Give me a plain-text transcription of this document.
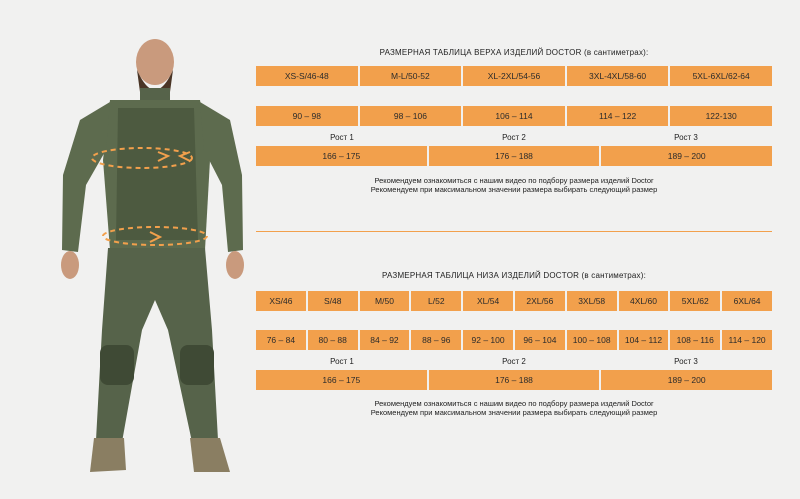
РАЗМЕРНАЯ ТАБЛИЦА ВЕРХА ИЗДЕЛИЙ DOCTOR (в сантиметрах):
XS-S/46-48	M-L/50-52	XL-2XL/54-56	3XL-4XL/58-60	5XL-6XL/62-64
90 – 98	98 – 106	106 – 114	114 – 122	122-130
Рост 1	Рост 2	Рост 3
166 – 175	176 – 188	189 – 200
Рекомендуем ознакомиться с нашим видео по подбору размера изделий Doctor
Рекомендуем при максимальном значении размера выбирать следующий размер
РАЗМЕРНАЯ ТАБЛИЦА НИЗА ИЗДЕЛИЙ DOCTOR (в сантиметрах):
XS/46	S/48	M/50	L/52	XL/54	2XL/56	3XL/58	4XL/60	5XL/62	6XL/64
76 – 84	80 – 88	84 – 92	88 – 96	92 – 100	96 – 104	100 – 108	104 – 112	108 – 116	114 – 120
Рост 1	Рост 2	Рост 3
166 – 175	176 – 188	189 – 200
Рекомендуем ознакомиться с нашим видео по подбору размера изделий Doctor
Рекомендуем при максимальном значении размера выбирать следующий размер
